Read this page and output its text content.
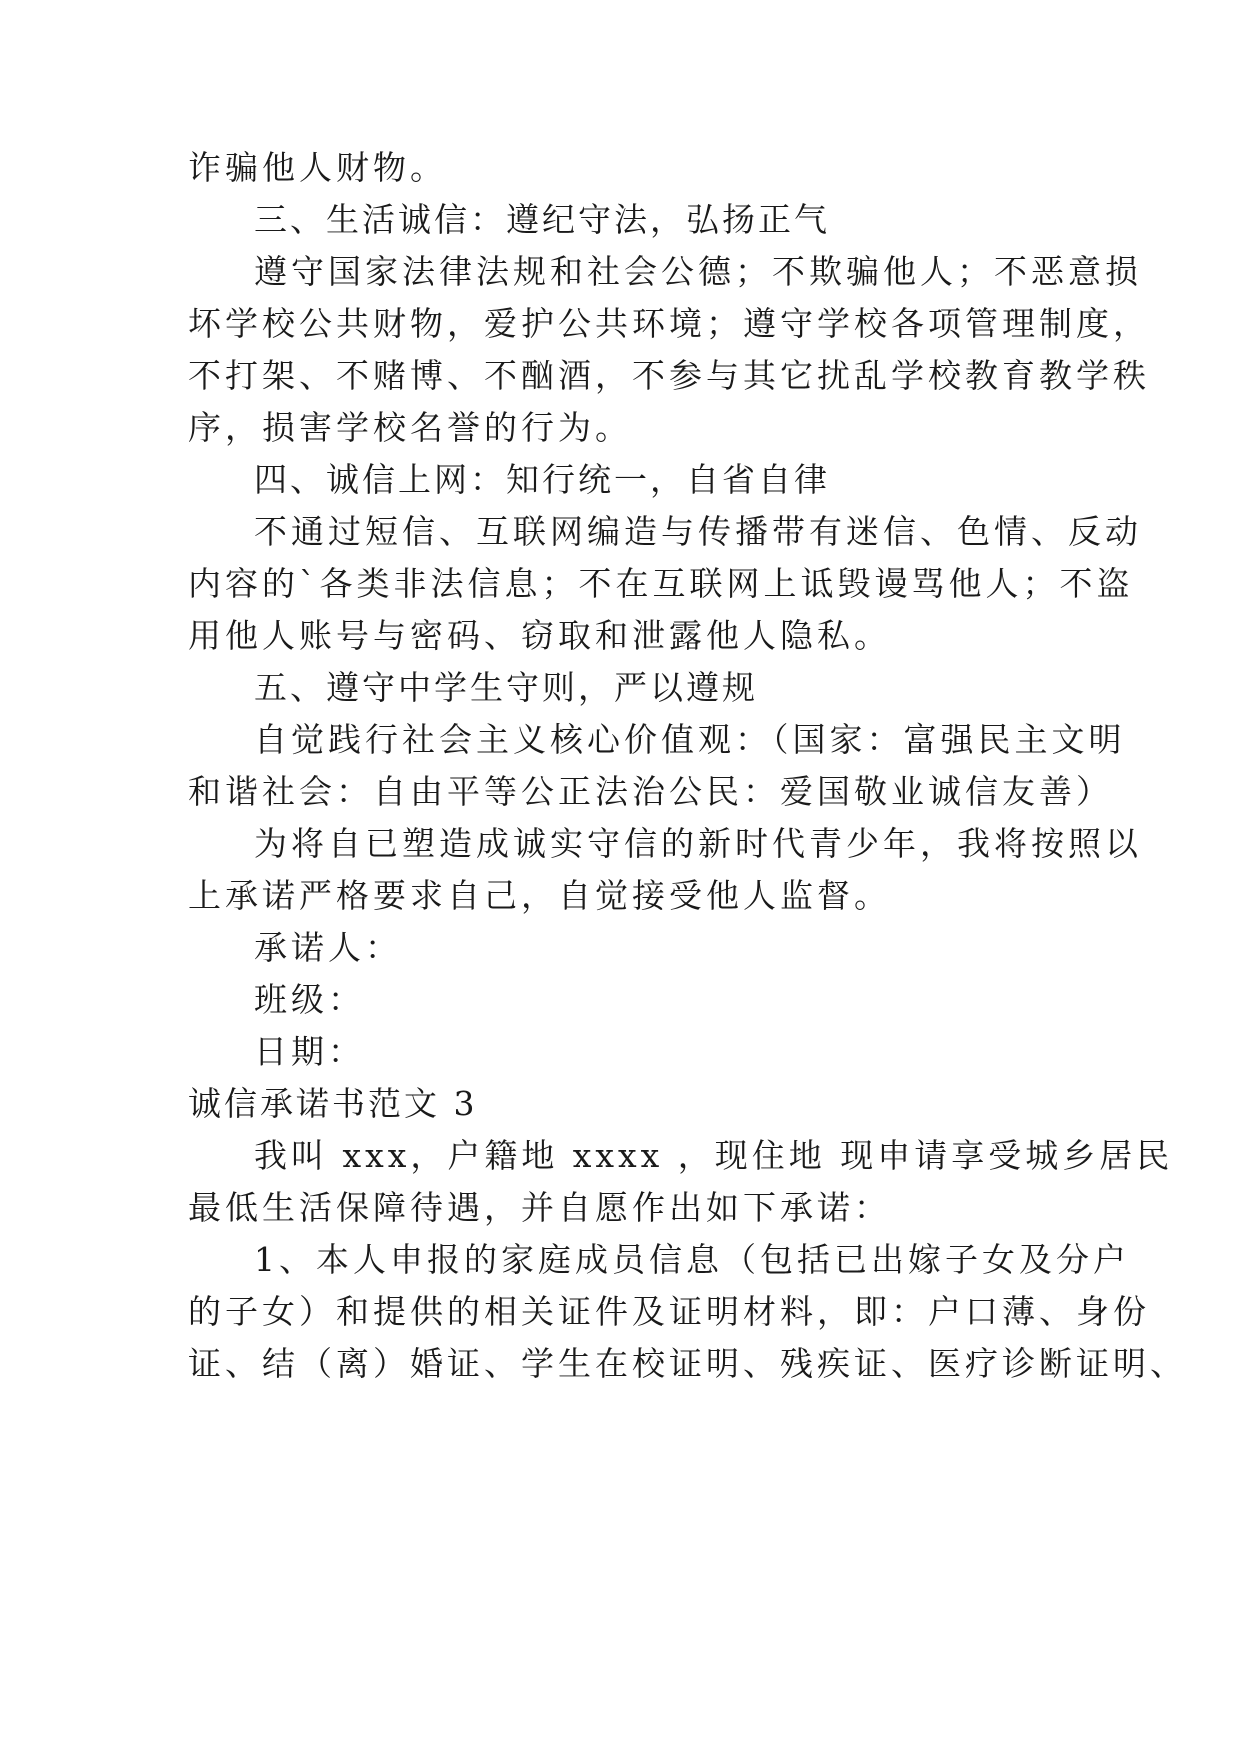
诈骗他人财物。
三、生活诚信：遵纪守法，弘扬正气
遵守国家法律法规和社会公德；不欺骗他人；不恶意损
坏学校公共财物，爱护公共环境；遵守学校各项管理制度，
不打架、不赌博、不酗酒，不参与其它扰乱学校教育教学秩
序，损害学校名誉的行为。
四、诚信上网：知行统一，自省自律
不通过短信、互联网编造与传播带有迷信、色情、反动
内容的`各类非法信息；不在互联网上诋毁谩骂他人；不盗
用他人账号与密码、窃取和泄露他人隐私。
五、遵守中学生守则，严以遵规
自觉践行社会主义核心价值观：（国家：富强民主文明
和谐社会：自由平等公正法治公民：爱国敬业诚信友善）
为将自已塑造成诚实守信的新时代青少年，我将按照以
上承诺严格要求自己，自觉接受他人监督。
承诺人：
班级：
日期：
诚信承诺书范文 3
我叫 xxx，户籍地 xxxx ，现住地 现申请享受城乡居民
最低生活保障待遇，并自愿作出如下承诺：
1、本人申报的家庭成员信息（包括已出嫁子女及分户
的子女）和提供的相关证件及证明材料，即：户口薄、身份
证、结（离）婚证、学生在校证明、残疾证、医疗诊断证明、
